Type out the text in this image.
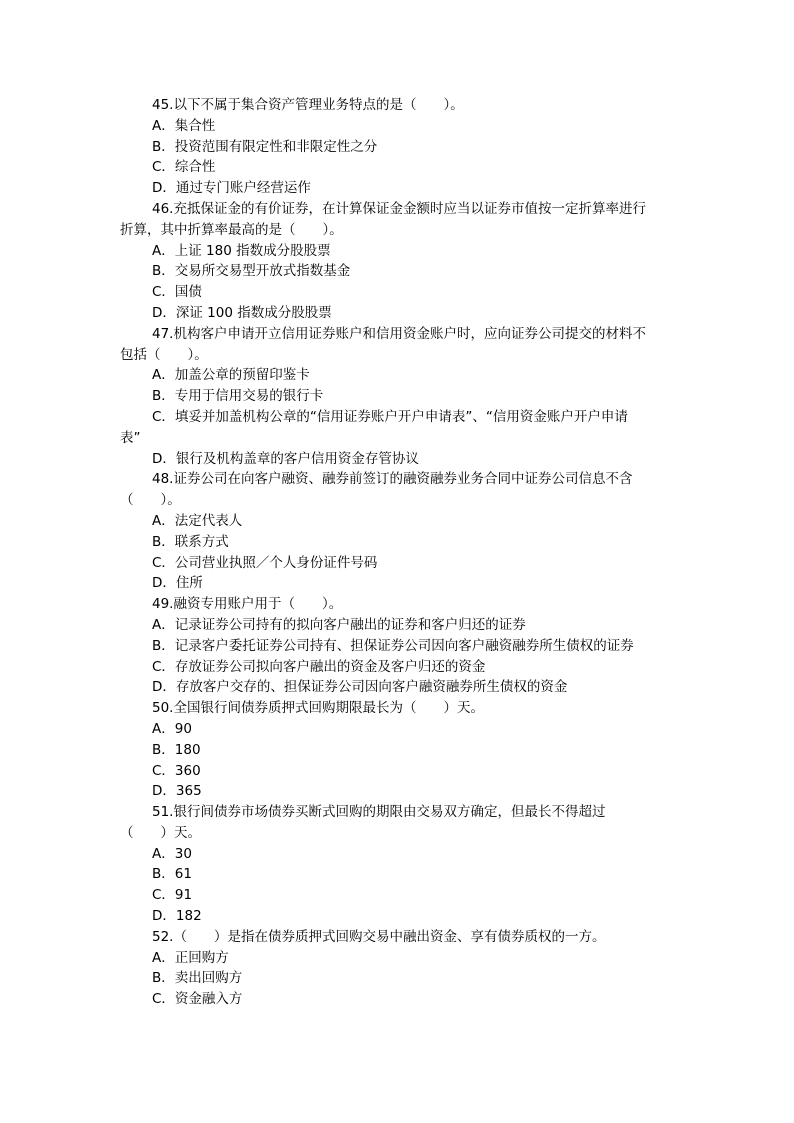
45.以下不属于集合资产管理业务特点的是（　　）。
A．集合性
B．投资范围有限定性和非限定性之分
C．综合性
D．通过专门账户经营运作
46.充抵保证金的有价证券，在计算保证金金额时应当以证券市值按一定折算率进行
折算，其中折算率最高的是（　　）。
A．上证 180 指数成分股股票
B．交易所交易型开放式指数基金
C．国债
D．深证 100 指数成分股股票
47.机构客户申请开立信用证券账户和信用资金账户时，应向证券公司提交的材料不
包括（　　）。
A．加盖公章的预留印鉴卡
B．专用于信用交易的银行卡
C．填妥并加盖机构公章的“信用证券账户开户申请表”、“信用资金账户开户申请
表”
D．银行及机构盖章的客户信用资金存管协议
48.证券公司在向客户融资、融券前签订的融资融券业务合同中证券公司信息不含
（　　）。
A．法定代表人
B．联系方式
C．公司营业执照／个人身份证件号码
D．住所
49.融资专用账户用于（　　）。
A．记录证券公司持有的拟向客户融出的证券和客户归还的证券
B．记录客户委托证券公司持有、担保证券公司因向客户融资融券所生债权的证券
C．存放证券公司拟向客户融出的资金及客户归还的资金
D．存放客户交存的、担保证券公司因向客户融资融券所生债权的资金
50.全国银行间债券质押式回购期限最长为（　　）天。
A．90
B．180
C．360
D．365
51.银行间债券市场债券买断式回购的期限由交易双方确定，但最长不得超过
（　　）天。
A．30
B．61
C．91
D．182
52.（　　）是指在债券质押式回购交易中融出资金、享有债券质权的一方。
A．正回购方
B．卖出回购方
C．资金融入方
